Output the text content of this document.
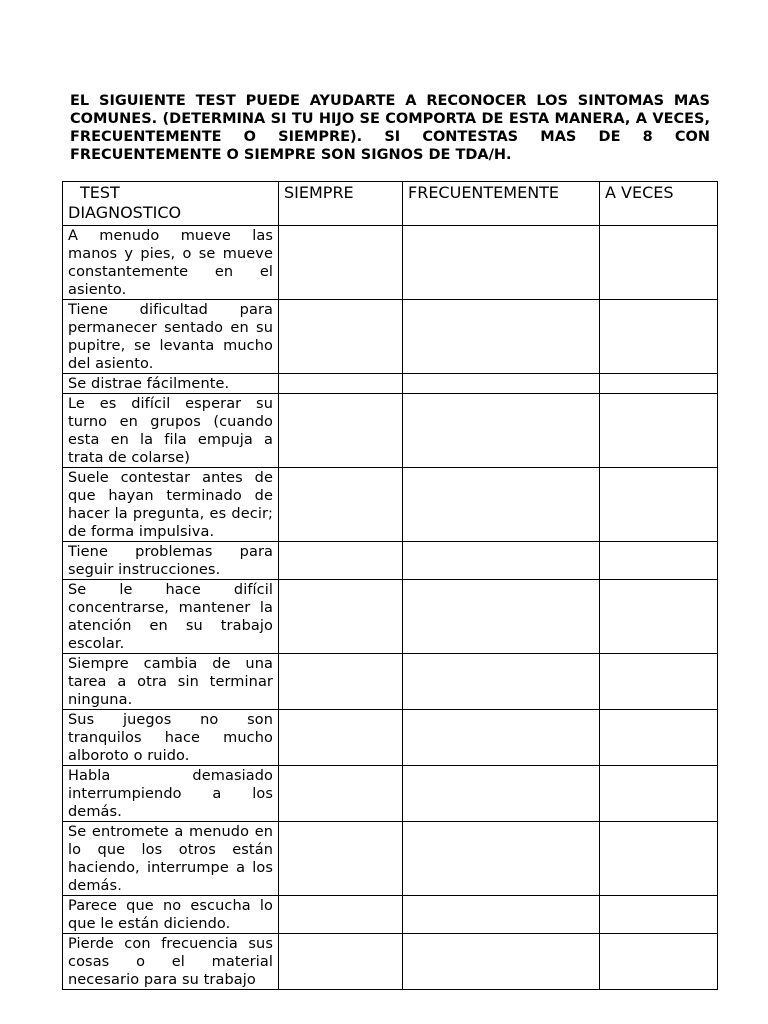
EL SIGUIENTE TEST PUEDE AYUDARTE A RECONOCER LOS SINTOMAS MAS COMUNES. (DETERMINA SI TU HIJO SE COMPORTA DE ESTA MANERA, A VECES, FRECUENTEMENTE O SIEMPRE). SI CONTESTAS MAS DE 8 CON FRECUENTEMENTE O SIEMPRE SON SIGNOS DE TDA/H.

TEST
DIAGNOSTICO	SIEMPRE	FRECUENTEMENTE	A VECES
A menudo mueve las manos y pies, o se mueve constantemente en el asiento.			
Tiene dificultad para permanecer sentado en su pupitre, se levanta mucho del asiento.			
Se distrae fácilmente.			
Le es difícil esperar su turno en grupos (cuando esta en la fila empuja a trata de colarse)			
Suele contestar antes de que hayan terminado de hacer la pregunta, es decir; de forma impulsiva.			
Tiene problemas para seguir instrucciones.			
Se le hace difícil concentrarse, mantener la atención en su trabajo escolar.			
Siempre cambia de una tarea a otra sin terminar ninguna.			
Sus juegos no son tranquilos hace mucho alboroto o ruido.			
Habla demasiado interrumpiendo a los demás.			
Se entromete a menudo en lo que los otros están haciendo, interrumpe a los demás.			
Parece que no escucha lo que le están diciendo.			
Pierde con frecuencia sus cosas o el material necesario para su trabajo			
